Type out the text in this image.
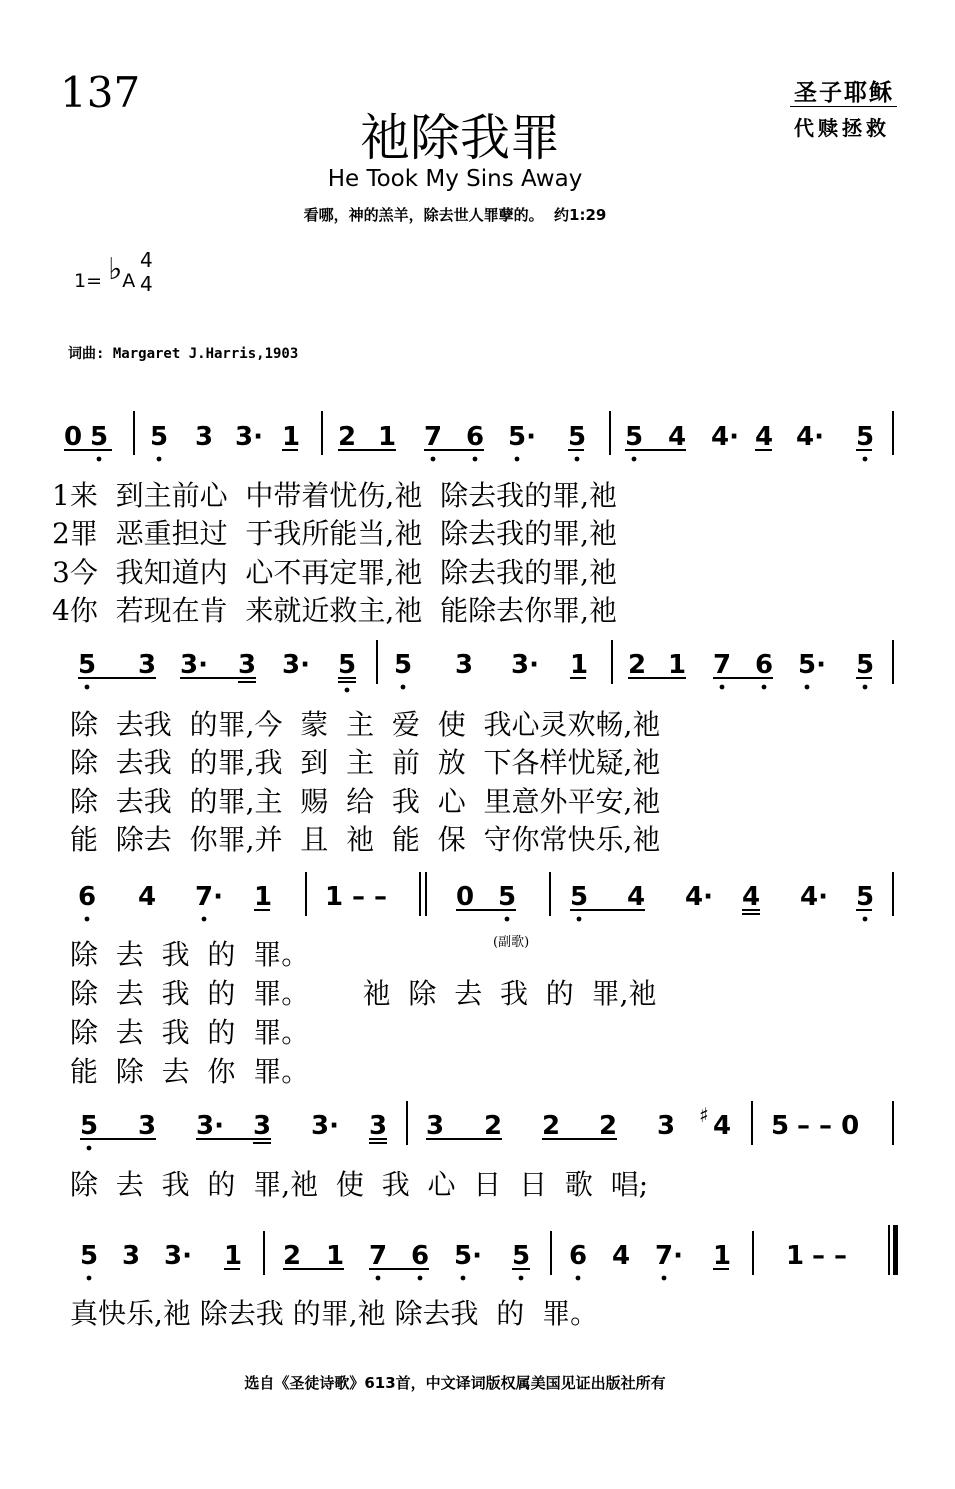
137	圣子耶稣
代赎拯救
祂除我罪
He Took My Sins Away
看哪，神的羔羊，除去世人罪孽的。  约1:29
1= ♭A
4
4
词曲: Margaret J.Harris,1903
0 5 5 3 3· 1 2 1 7 6 5· 5 5 4 4· 4 4· 5
5 3 3· 3 3· 5 5 3 3· 1 2 1 7 6 5· 5
6 4 7· 1 1 – –	0 5 5 4 4· 4 4· 5
5 3 3· 3 3· 3 3 2 2 2 3 ♯ 4 5 – – 0
5 3 3· 1 2 1 7 6 5· 5 6 4 7· 1 1 – –
1来  到主前心  中带着忧伤,祂  除去我的罪,祂
2罪  恶重担过  于我所能当,祂  除去我的罪,祂
3今  我知道内  心不再定罪,祂  除去我的罪,祂
4你  若现在肯  来就近救主,祂  能除去你罪,祂
除  去我  的罪,今  蒙  主  爱  使  我心灵欢畅,祂
除  去我  的罪,我  到  主  前  放  下各样忧疑,祂
除  去我  的罪,主  赐  给  我  心  里意外平安,祂
能  除去  你罪,并  且  祂  能  保  守你常快乐,祂
(副歌)
除  去  我  的  罪。
除  去  我  的  罪。      祂  除  去  我  的  罪,祂
除  去  我  的  罪。
能  除  去  你  罪。
除  去  我  的  罪,祂  使  我  心  日  日  歌  唱;
真快乐,祂 除去我 的罪,祂 除去我  的  罪。
选自《圣徒诗歌》613首，中文译词版权属美国见证出版社所有
